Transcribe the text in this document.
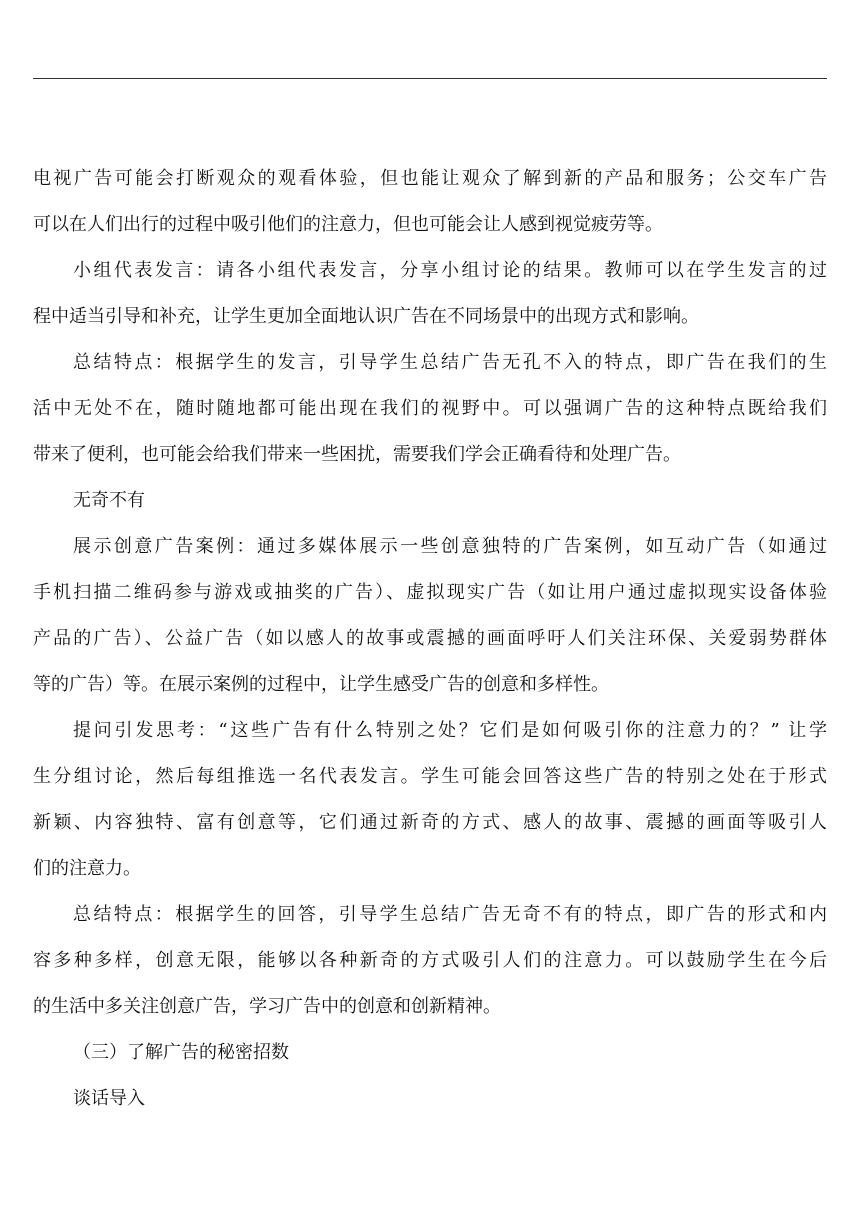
电视广告可能会打断观众的观看体验，但也能让观众了解到新的产品和服务；公交车广告
可以在人们出行的过程中吸引他们的注意力，但也可能会让人感到视觉疲劳等。
小组代表发言：请各小组代表发言，分享小组讨论的结果。教师可以在学生发言的过
程中适当引导和补充，让学生更加全面地认识广告在不同场景中的出现方式和影响。
总结特点：根据学生的发言，引导学生总结广告无孔不入的特点，即广告在我们的生
活中无处不在，随时随地都可能出现在我们的视野中。可以强调广告的这种特点既给我们
带来了便利，也可能会给我们带来一些困扰，需要我们学会正确看待和处理广告。
无奇不有
展示创意广告案例：通过多媒体展示一些创意独特的广告案例，如互动广告（如通过
手机扫描二维码参与游戏或抽奖的广告）、虚拟现实广告（如让用户通过虚拟现实设备体验
产品的广告）、公益广告（如以感人的故事或震撼的画面呼吁人们关注环保、关爱弱势群体
等的广告）等。在展示案例的过程中，让学生感受广告的创意和多样性。
提问引发思考：“这些广告有什么特别之处？它们是如何吸引你的注意力的？” 让学
生分组讨论，然后每组推选一名代表发言。学生可能会回答这些广告的特别之处在于形式
新颖、内容独特、富有创意等，它们通过新奇的方式、感人的故事、震撼的画面等吸引人
们的注意力。
总结特点：根据学生的回答，引导学生总结广告无奇不有的特点，即广告的形式和内
容多种多样，创意无限，能够以各种新奇的方式吸引人们的注意力。可以鼓励学生在今后
的生活中多关注创意广告，学习广告中的创意和创新精神。
（三）了解广告的秘密招数
谈话导入
